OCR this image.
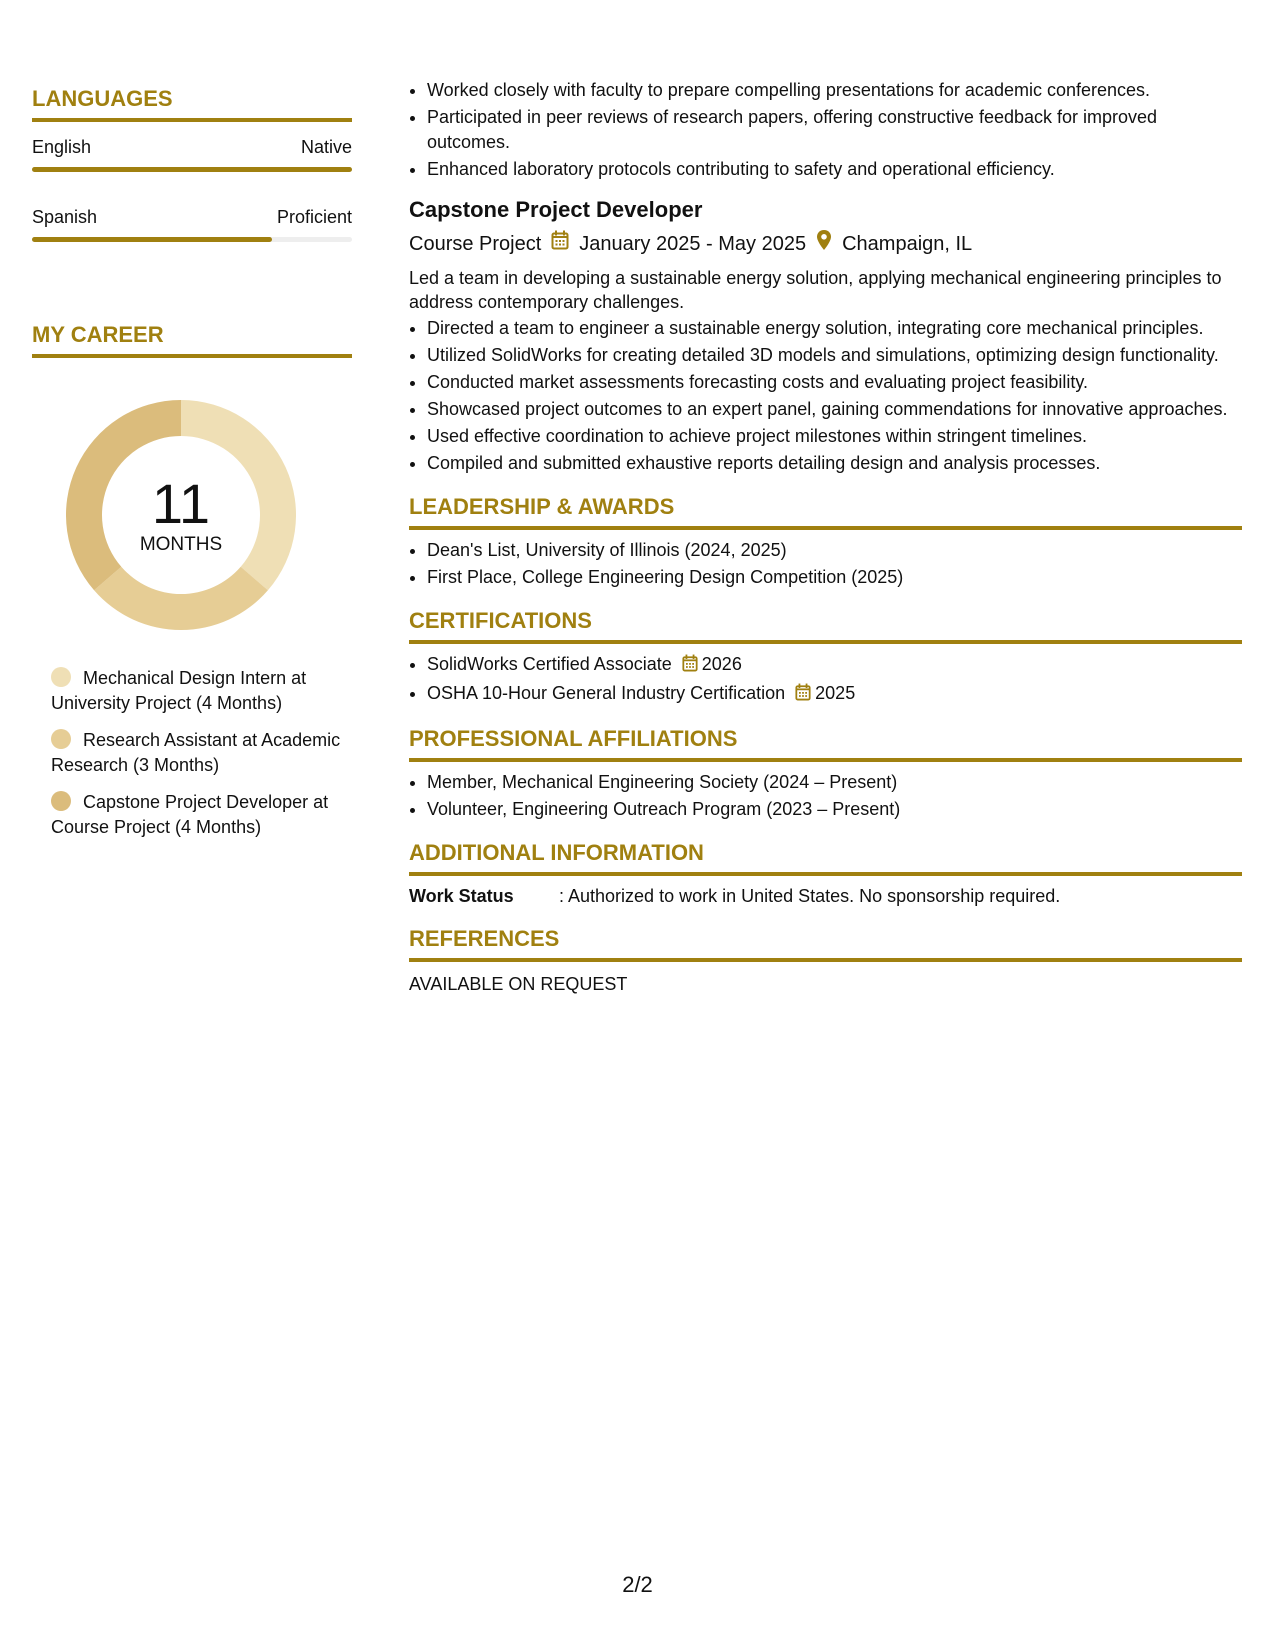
LANGUAGES
English	Native
Spanish	Proficient
MY CAREER
11
MONTHS
Mechanical Design Intern at University Project (4 Months)
Research Assistant at Academic Research (3 Months)
Capstone Project Developer at Course Project (4 Months)
• Worked closely with faculty to prepare compelling presentations for academic conferences.
• Participated in peer reviews of research papers, offering constructive feedback for improved outcomes.
• Enhanced laboratory protocols contributing to safety and operational efficiency.
Capstone Project Developer
Course Project January 2025 - May 2025 Champaign, IL
Led a team in developing a sustainable energy solution, applying mechanical engineering principles to address contemporary challenges.
• Directed a team to engineer a sustainable energy solution, integrating core mechanical principles.
• Utilized SolidWorks for creating detailed 3D models and simulations, optimizing design functionality.
• Conducted market assessments forecasting costs and evaluating project feasibility.
• Showcased project outcomes to an expert panel, gaining commendations for innovative approaches.
• Used effective coordination to achieve project milestones within stringent timelines.
• Compiled and submitted exhaustive reports detailing design and analysis processes.
LEADERSHIP & AWARDS
• Dean's List, University of Illinois (2024, 2025)
• First Place, College Engineering Design Competition (2025)
CERTIFICATIONS
• SolidWorks Certified Associate 2026
• OSHA 10-Hour General Industry Certification 2025
PROFESSIONAL AFFILIATIONS
• Member, Mechanical Engineering Society (2024 – Present)
• Volunteer, Engineering Outreach Program (2023 – Present)
ADDITIONAL INFORMATION
Work Status	: Authorized to work in United States. No sponsorship required.
REFERENCES
AVAILABLE ON REQUEST
2/2
